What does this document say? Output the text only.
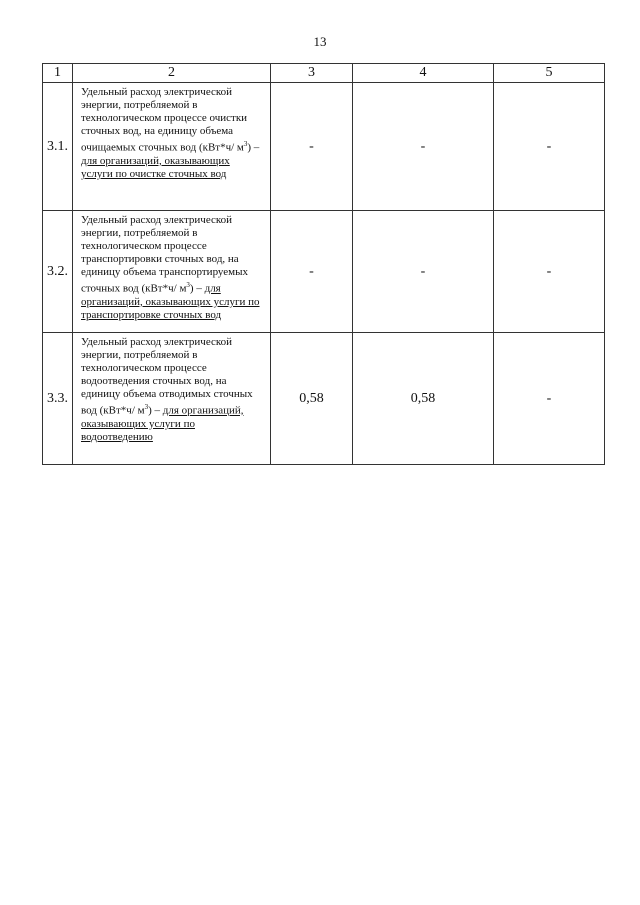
13
1	2	3	4	5
3.1.	Удельный расход электрической энергии, потребляемой в технологическом процессе очистки сточных вод, на единицу объема очищаемых сточных вод (кВт*ч/ $м^3$) – для организаций, оказывающих услуги по очистке сточных вод	-	-	-
3.2.	Удельный расход электрической энергии, потребляемой в технологическом процессе транспортировки сточных вод, на единицу объема транспортируемых сточных вод (кВт*ч/ $м^3$) – для организаций, оказывающих услуги по транспортировке сточных вод	-	-	-
3.3.	Удельный расход электрической энергии, потребляемой в технологическом процессе водоотведения сточных вод, на единицу объема отводимых сточных вод (кВт*ч/ $м^3$) – для организаций, оказывающих услуги по водоотведению	0,58	0,58	-
